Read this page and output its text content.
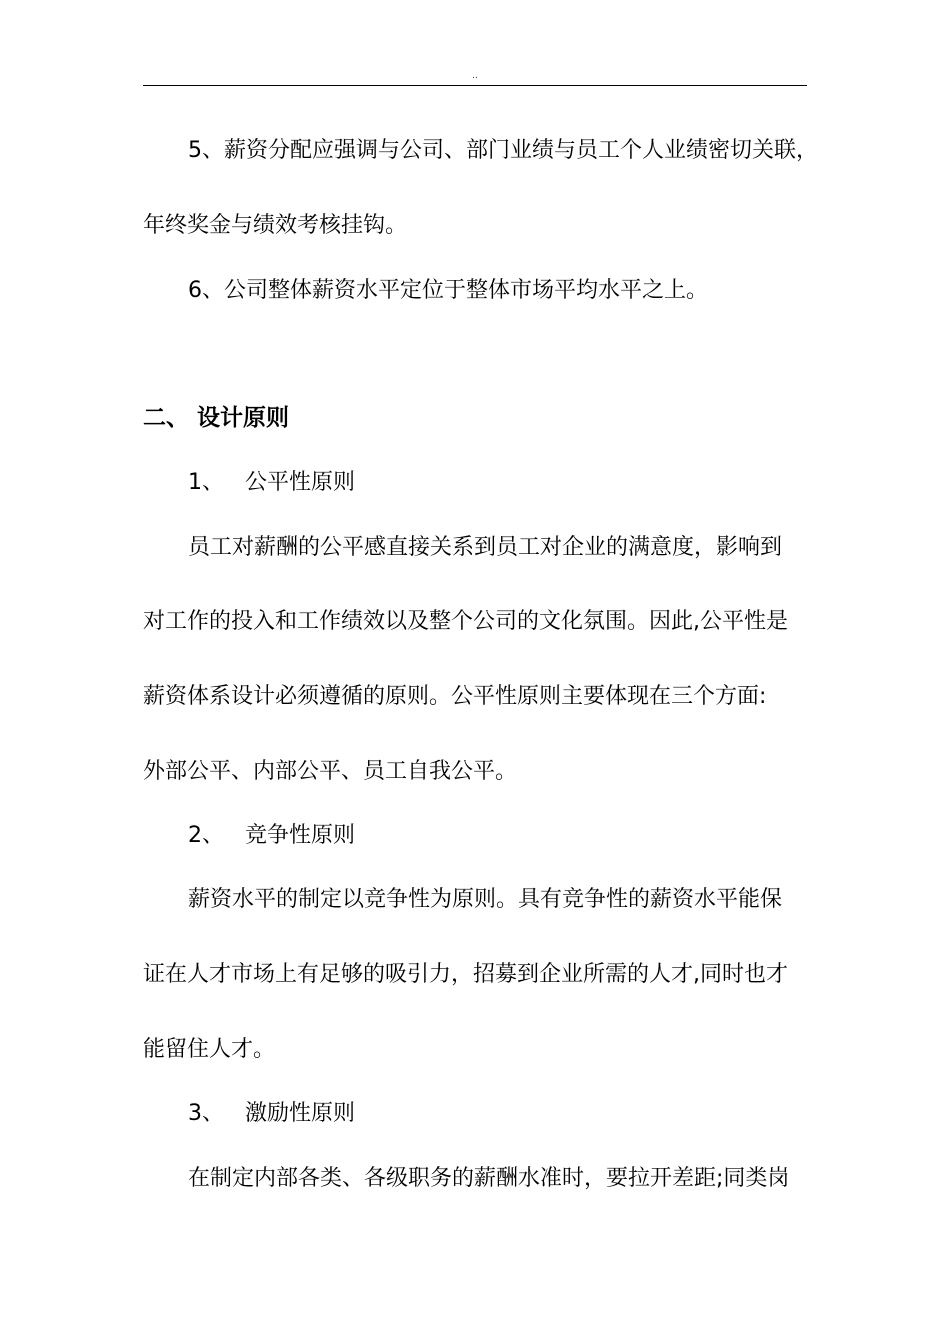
..
5、薪资分配应强调与公司、部门业绩与员工个人业绩密切关联，
年终奖金与绩效考核挂钩。
6、公司整体薪资水平定位于整体市场平均水平之上。
二、 设计原则
1、 公平性原则
员工对薪酬的公平感直接关系到员工对企业的满意度，影响到
对工作的投入和工作绩效以及整个公司的文化氛围。因此,公平性是
薪资体系设计必须遵循的原则。公平性原则主要体现在三个方面:
外部公平、内部公平、员工自我公平。
2、 竞争性原则
薪资水平的制定以竞争性为原则。具有竞争性的薪资水平能保
证在人才市场上有足够的吸引力，招募到企业所需的人才,同时也才
能留住人才。
3、 激励性原则
在制定内部各类、各级职务的薪酬水准时，要拉开差距;同类岗
